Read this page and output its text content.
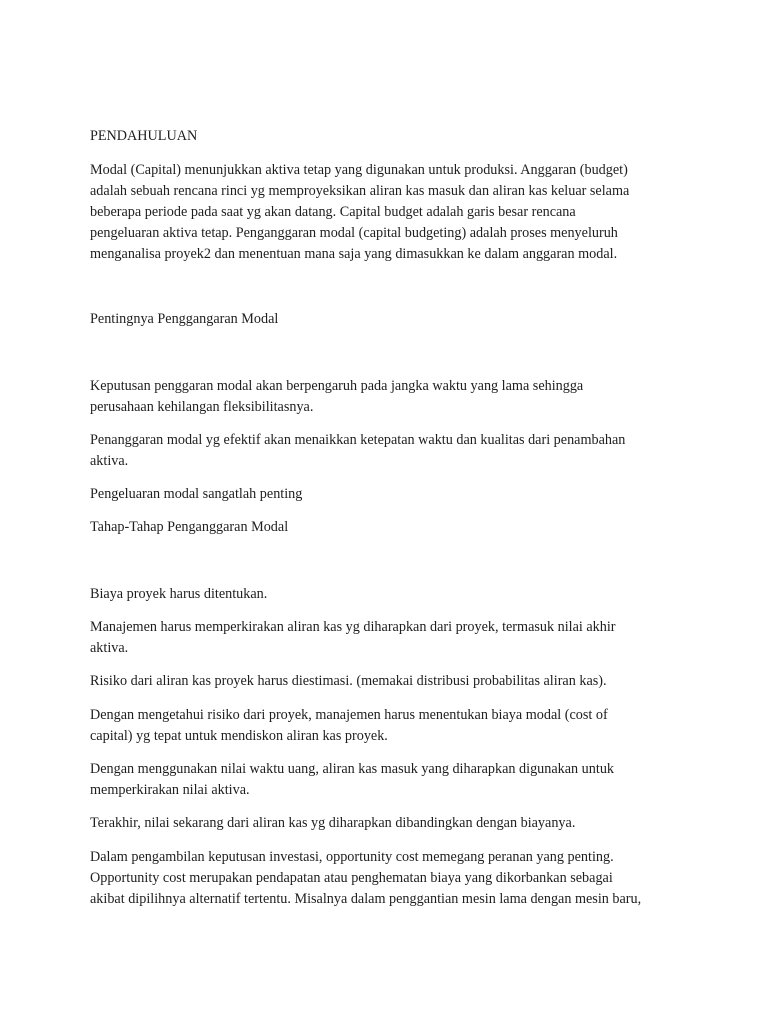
PENDAHULUAN

Modal (Capital) menunjukkan aktiva tetap yang digunakan untuk produksi. Anggaran (budget)
adalah sebuah rencana rinci yg memproyeksikan aliran kas masuk dan aliran kas keluar selama
beberapa periode pada saat yg akan datang. Capital budget adalah garis besar rencana
pengeluaran aktiva tetap. Penganggaran modal (capital budgeting) adalah proses menyeluruh
menganalisa proyek2 dan menentuan mana saja yang dimasukkan ke dalam anggaran modal.

Pentingnya Penggangaran Modal

Keputusan penggaran modal akan berpengaruh pada jangka waktu yang lama sehingga
perusahaan kehilangan fleksibilitasnya.
Penanggaran modal yg efektif akan menaikkan ketepatan waktu dan kualitas dari penambahan
aktiva.

Pengeluaran modal sangatlah penting

Tahap-Tahap Penganggaran Modal

Biaya proyek harus ditentukan.

Manajemen harus memperkirakan aliran kas yg diharapkan dari proyek, termasuk nilai akhir
aktiva.

Risiko dari aliran kas proyek harus diestimasi. (memakai distribusi probabilitas aliran kas).

Dengan mengetahui risiko dari proyek, manajemen harus menentukan biaya modal (cost of
capital) yg tepat untuk mendiskon aliran kas proyek.
Dengan menggunakan nilai waktu uang, aliran kas masuk yang diharapkan digunakan untuk
memperkirakan nilai aktiva.

Terakhir, nilai sekarang dari aliran kas yg diharapkan dibandingkan dengan biayanya.

Dalam pengambilan keputusan investasi, opportunity cost memegang peranan yang penting.
Opportunity cost merupakan pendapatan atau penghematan biaya yang dikorbankan sebagai
akibat dipilihnya alternatif tertentu. Misalnya dalam penggantian mesin lama dengan mesin baru,
